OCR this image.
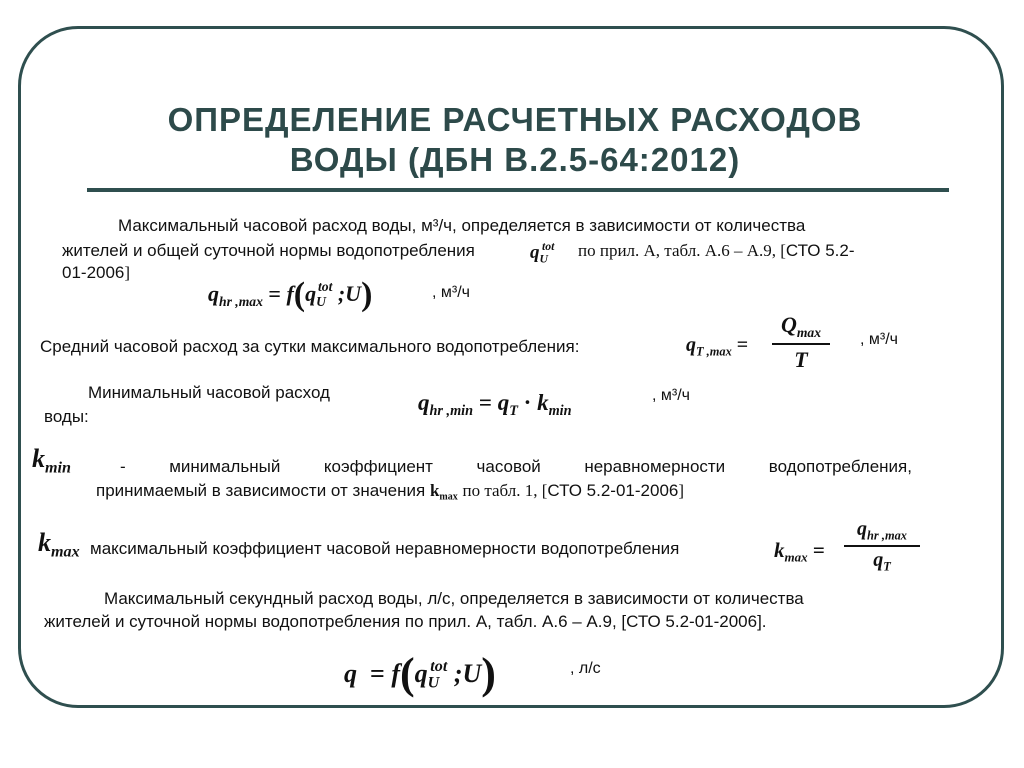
ОПРЕДЕЛЕНИЕ РАСЧЕТНЫХ РАСХОДОВ
ВОДЫ (ДБН В.2.5-64:2012)
Максимальный часовой расход воды, м³/ч, определяется в зависимости от количества
жителей и общей суточной нормы водопотребления	$q_U^{tot}$ по прил. А, табл. А.6 – А.9, [СТО 5.2-
01-2006]
$q_{hr ,max} = f(q_U^{tot}$ ;U)	, м³/ч
Средний часовой расход за сутки максимального водопотребления:	$q_{T ,max}$ =
$Q_{max}$
T
, м³/ч
Минимальный часовой расход
воды:
$q_{hr ,min} = q_T \cdot k_{min}$
, м³/ч
$k_{min}$	- минимальный коэффициент часовой неравномерности водопотребления,
принимаемый в зависимости от значения $k_{max}$ по табл. 1, [СТО 5.2-01-2006]
$k_{max}$ максимальный коэффициент часовой неравномерности водопотребления	$k_{max}$ =
$q_{hr ,max}$
$q_T$
Максимальный секундный расход воды, л/с, определяется в зависимости от количества
жителей и суточной нормы водопотребления по прил. А, табл. А.6 – А.9, [СТО 5.2-01-2006].
$q = f(q_U^{tot}$ ;U)	, л/с
